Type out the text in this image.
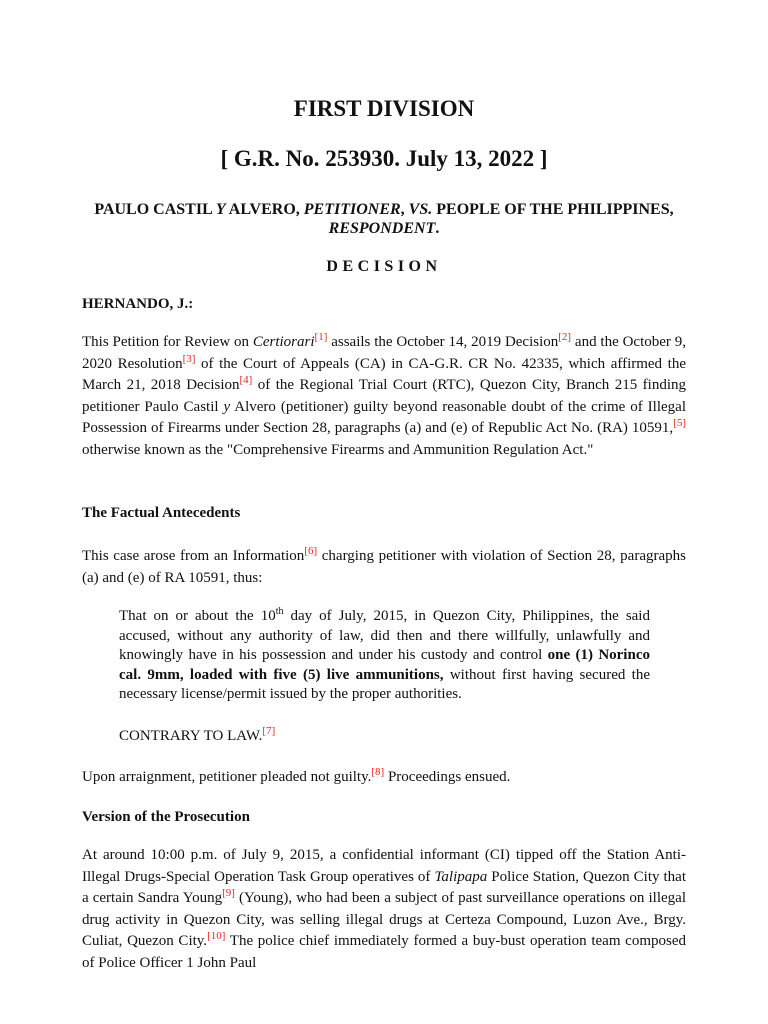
FIRST DIVISION
[ G.R. No. 253930. July 13, 2022 ]
PAULO CASTIL Y ALVERO, PETITIONER, VS. PEOPLE OF THE PHILIPPINES, RESPONDENT.
DECISION
HERNANDO, J.:
This Petition for Review on Certiorari[1] assails the October 14, 2019 Decision[2] and the October 9, 2020 Resolution[3] of the Court of Appeals (CA) in CA-G.R. CR No. 42335, which affirmed the March 21, 2018 Decision[4] of the Regional Trial Court (RTC), Quezon City, Branch 215 finding petitioner Paulo Castil y Alvero (petitioner) guilty beyond reasonable doubt of the crime of Illegal Possession of Firearms under Section 28, paragraphs (a) and (e) of Republic Act No. (RA) 10591,[5] otherwise known as the "Comprehensive Firearms and Ammunition Regulation Act."
The Factual Antecedents
This case arose from an Information[6] charging petitioner with violation of Section 28, paragraphs (a) and (e) of RA 10591, thus:
That on or about the 10th day of July, 2015, in Quezon City, Philippines, the said accused, without any authority of law, did then and there willfully, unlawfully and knowingly have in his possession and under his custody and control one (1) Norinco cal. 9mm, loaded with five (5) live ammunitions, without first having secured the necessary license/permit issued by the proper authorities.
CONTRARY TO LAW.[7]
Upon arraignment, petitioner pleaded not guilty.[8] Proceedings ensued.
Version of the Prosecution
At around 10:00 p.m. of July 9, 2015, a confidential informant (CI) tipped off the Station Anti-Illegal Drugs-Special Operation Task Group operatives of Talipapa Police Station, Quezon City that a certain Sandra Young[9] (Young), who had been a subject of past surveillance operations on illegal drug activity in Quezon City, was selling illegal drugs at Certeza Compound, Luzon Ave., Brgy. Culiat, Quezon City.[10] The police chief immediately formed a buy-bust operation team composed of Police Officer 1 John Paul
